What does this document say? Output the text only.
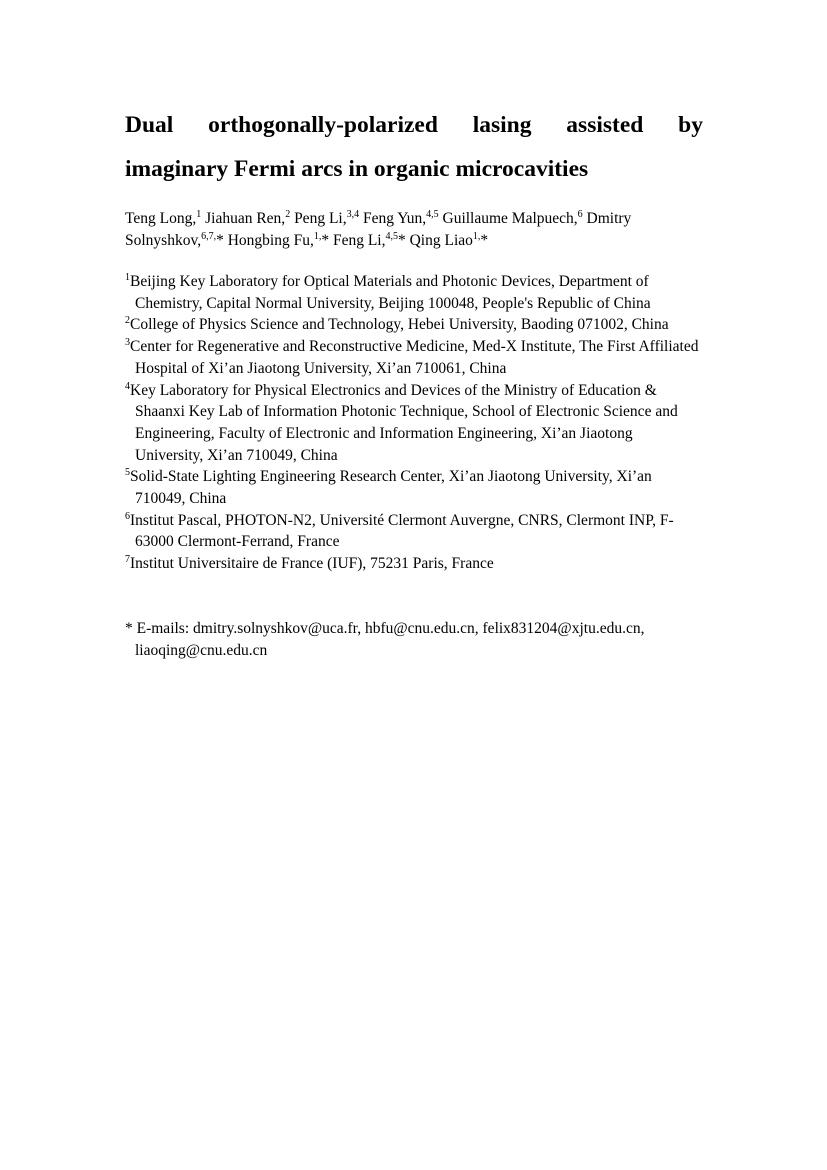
Dual orthogonally-polarized lasing assisted by
imaginary Fermi arcs in organic microcavities
Teng Long,$^1$ Jiahuan Ren,$^2$ Peng Li,$^{3,4}$ Feng Yun,$^{4,5}$ Guillaume Malpuech,$^6$ Dmitry Solnyshkov,$^{6,7,}$* Hongbing Fu,$^{1,}$* Feng Li,$^{4,5}$* Qing Liao$^{1,}$*
$^1$Beijing Key Laboratory for Optical Materials and Photonic Devices, Department of Chemistry, Capital Normal University, Beijing 100048, People's Republic of China
$^2$College of Physics Science and Technology, Hebei University, Baoding 071002, China
$^3$Center for Regenerative and Reconstructive Medicine, Med-X Institute, The First Affiliated Hospital of Xi’an Jiaotong University, Xi’an 710061, China
$^4$Key Laboratory for Physical Electronics and Devices of the Ministry of Education & Shaanxi Key Lab of Information Photonic Technique, School of Electronic Science and Engineering, Faculty of Electronic and Information Engineering, Xi’an Jiaotong University, Xi’an 710049, China
$^5$Solid-State Lighting Engineering Research Center, Xi’an Jiaotong University, Xi’an 710049, China
$^6$Institut Pascal, PHOTON-N2, Université Clermont Auvergne, CNRS, Clermont INP, F-63000 Clermont-Ferrand, France
$^7$Institut Universitaire de France (IUF), 75231 Paris, France
* E-mails: dmitry.solnyshkov@uca.fr, hbfu@cnu.edu.cn, felix831204@xjtu.edu.cn, liaoqing@cnu.edu.cn
